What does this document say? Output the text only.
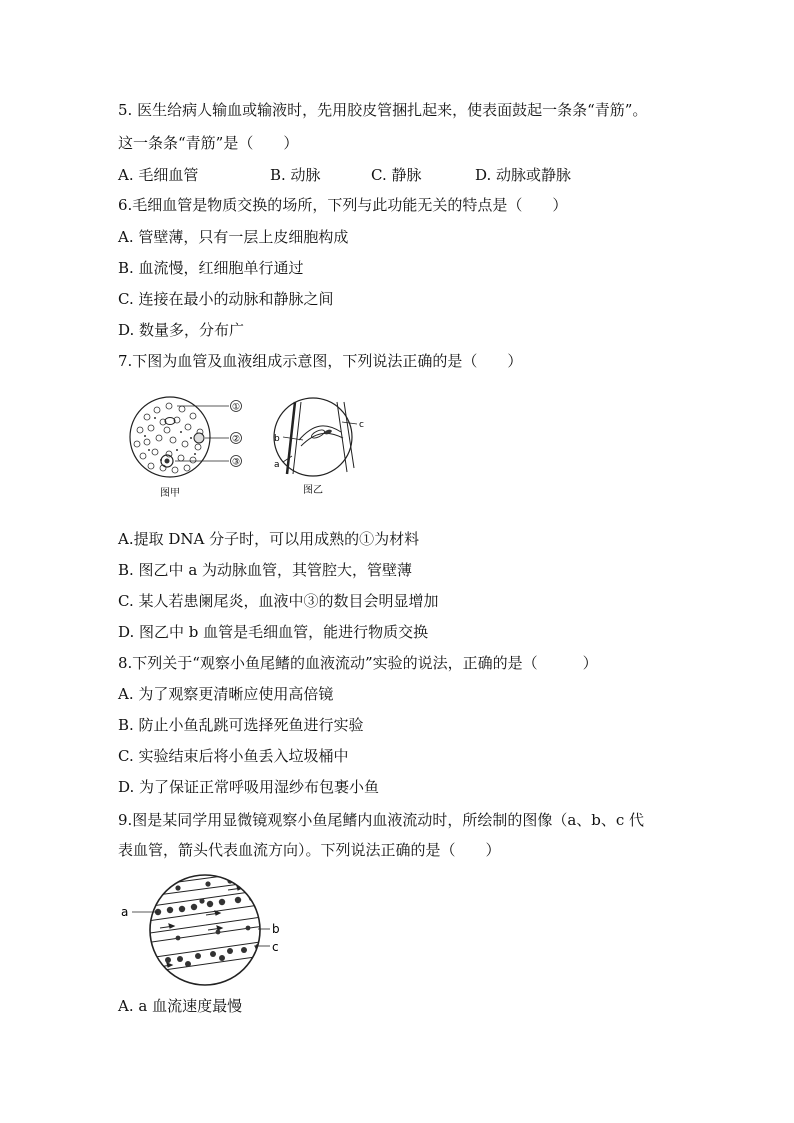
5. 医生给病人输血或输液时，先用胶皮管捆扎起来，使表面鼓起一条条“青筋”。
这一条条“青筋”是（　　）
A. 毛细血管	B. 动脉	C. 静脉	D. 动脉或静脉
6.毛细血管是物质交换的场所，下列与此功能无关的特点是（　　）
A. 管壁薄，只有一层上皮细胞构成
B. 血流慢，红细胞单行通过
C. 连接在最小的动脉和静脉之间
D. 数量多，分布广
7.下图为血管及血液组成示意图，下列说法正确的是（　　）
①
②
③
图甲
b
a
c
图乙
A.提取 DNA 分子时，可以用成熟的①为材料
B. 图乙中 a 为动脉血管，其管腔大，管壁薄
C. 某人若患阑尾炎，血液中③的数目会明显增加
D. 图乙中 b 血管是毛细血管，能进行物质交换
8.下列关于“观察小鱼尾鳍的血液流动”实验的说法，正确的是（　　　）
A. 为了观察更清晰应使用高倍镜
B. 防止小鱼乱跳可选择死鱼进行实验
C. 实验结束后将小鱼丢入垃圾桶中
D. 为了保证正常呼吸用湿纱布包裹小鱼
9.图是某同学用显微镜观察小鱼尾鳍内血液流动时，所绘制的图像（a、b、c 代
表血管，箭头代表血流方向）。下列说法正确的是（　　）
a
b
c
A. a 血流速度最慢
